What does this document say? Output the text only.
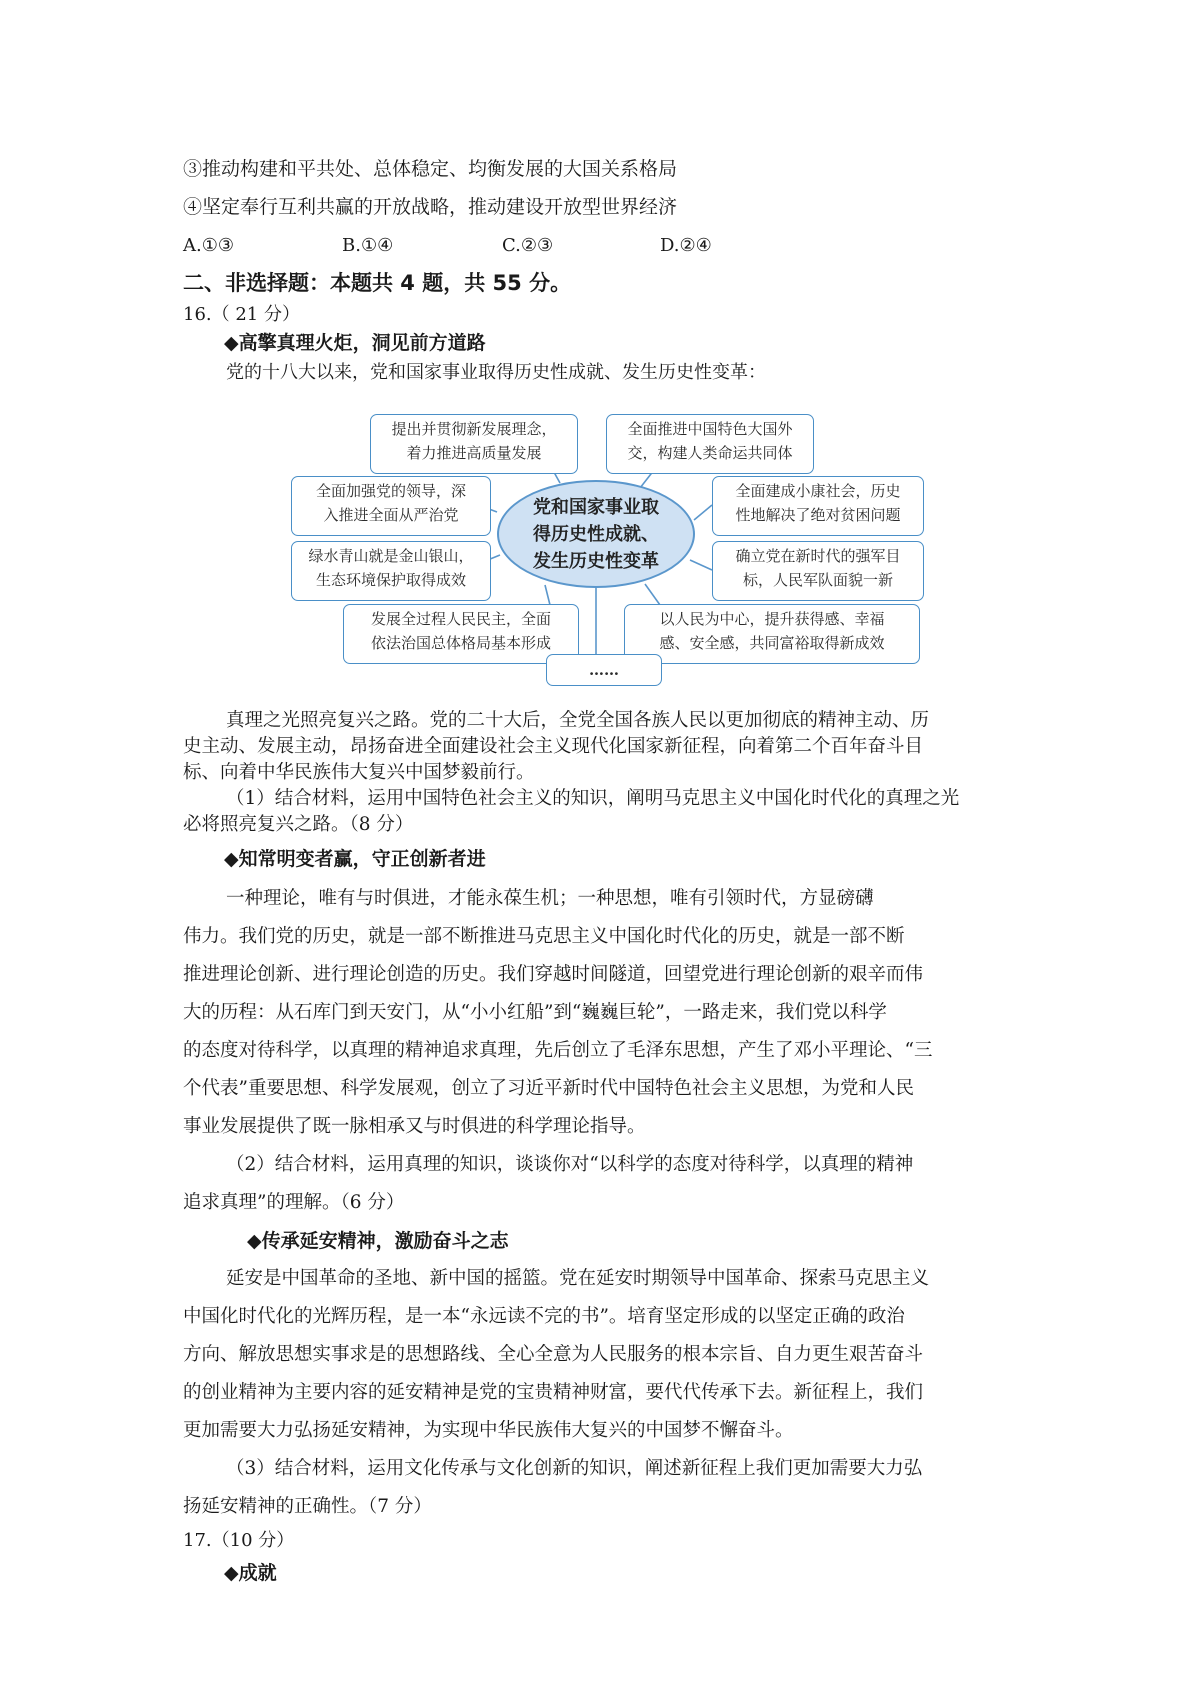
③推动构建和平共处、总体稳定、均衡发展的大国关系格局
④坚定奉行互利共赢的开放战略，推动建设开放型世界经济
A.①③	B.①④	C.②③	D.②④
二、非选择题：本题共 4 题，共 55 分。
16.（ 21 分）
◆高擎真理火炬，洞见前方道路
党的十八大以来，党和国家事业取得历史性成就、发生历史性变革：
提出并贯彻新发展理念，
着力推进高质量发展
全面推进中国特色大国外
交，构建人类命运共同体
全面加强党的领导，深
入推进全面从严治党
全面建成小康社会，历史
性地解决了绝对贫困问题
绿水青山就是金山银山，
生态环境保护取得成效
确立党在新时代的强军目
标，人民军队面貌一新
发展全过程人民民主，全面
依法治国总体格局基本形成
以人民为中心，提升获得感、幸福
感、安全感，共同富裕取得新成效
……
党和国家事业取
得历史性成就、
发生历史性变革
真理之光照亮复兴之路。党的二十大后，全党全国各族人民以更加彻底的精神主动、历
史主动、发展主动，昂扬奋进全面建设社会主义现代化国家新征程，向着第二个百年奋斗目
标、向着中华民族伟大复兴中国梦毅前行。
（1）结合材料，运用中国特色社会主义的知识，阐明马克思主义中国化时代化的真理之光
必将照亮复兴之路。（8 分）
◆知常明变者赢，守正创新者进
一种理论，唯有与时俱进，才能永葆生机；一种思想，唯有引领时代，方显磅礴
伟力。我们党的历史，就是一部不断推进马克思主义中国化时代化的历史，就是一部不断
推进理论创新、进行理论创造的历史。我们穿越时间隧道，回望党进行理论创新的艰辛而伟
大的历程：从石库门到天安门，从“小小红船”到“巍巍巨轮”，一路走来，我们党以科学
的态度对待科学，以真理的精神追求真理，先后创立了毛泽东思想，产生了邓小平理论、“三
个代表”重要思想、科学发展观，创立了习近平新时代中国特色社会主义思想，为党和人民
事业发展提供了既一脉相承又与时俱进的科学理论指导。
（2）结合材料，运用真理的知识，谈谈你对“以科学的态度对待科学，以真理的精神
追求真理”的理解。（6 分）
◆传承延安精神，激励奋斗之志
延安是中国革命的圣地、新中国的摇篮。党在延安时期领导中国革命、探索马克思主义
中国化时代化的光辉历程，是一本“永远读不完的书”。培育坚定形成的以坚定正确的政治
方向、解放思想实事求是的思想路线、全心全意为人民服务的根本宗旨、自力更生艰苦奋斗
的创业精神为主要内容的延安精神是党的宝贵精神财富，要代代传承下去。新征程上，我们
更加需要大力弘扬延安精神，为实现中华民族伟大复兴的中国梦不懈奋斗。
（3）结合材料，运用文化传承与文化创新的知识，阐述新征程上我们更加需要大力弘
扬延安精神的正确性。（7 分）
17.（10 分）
◆成就
